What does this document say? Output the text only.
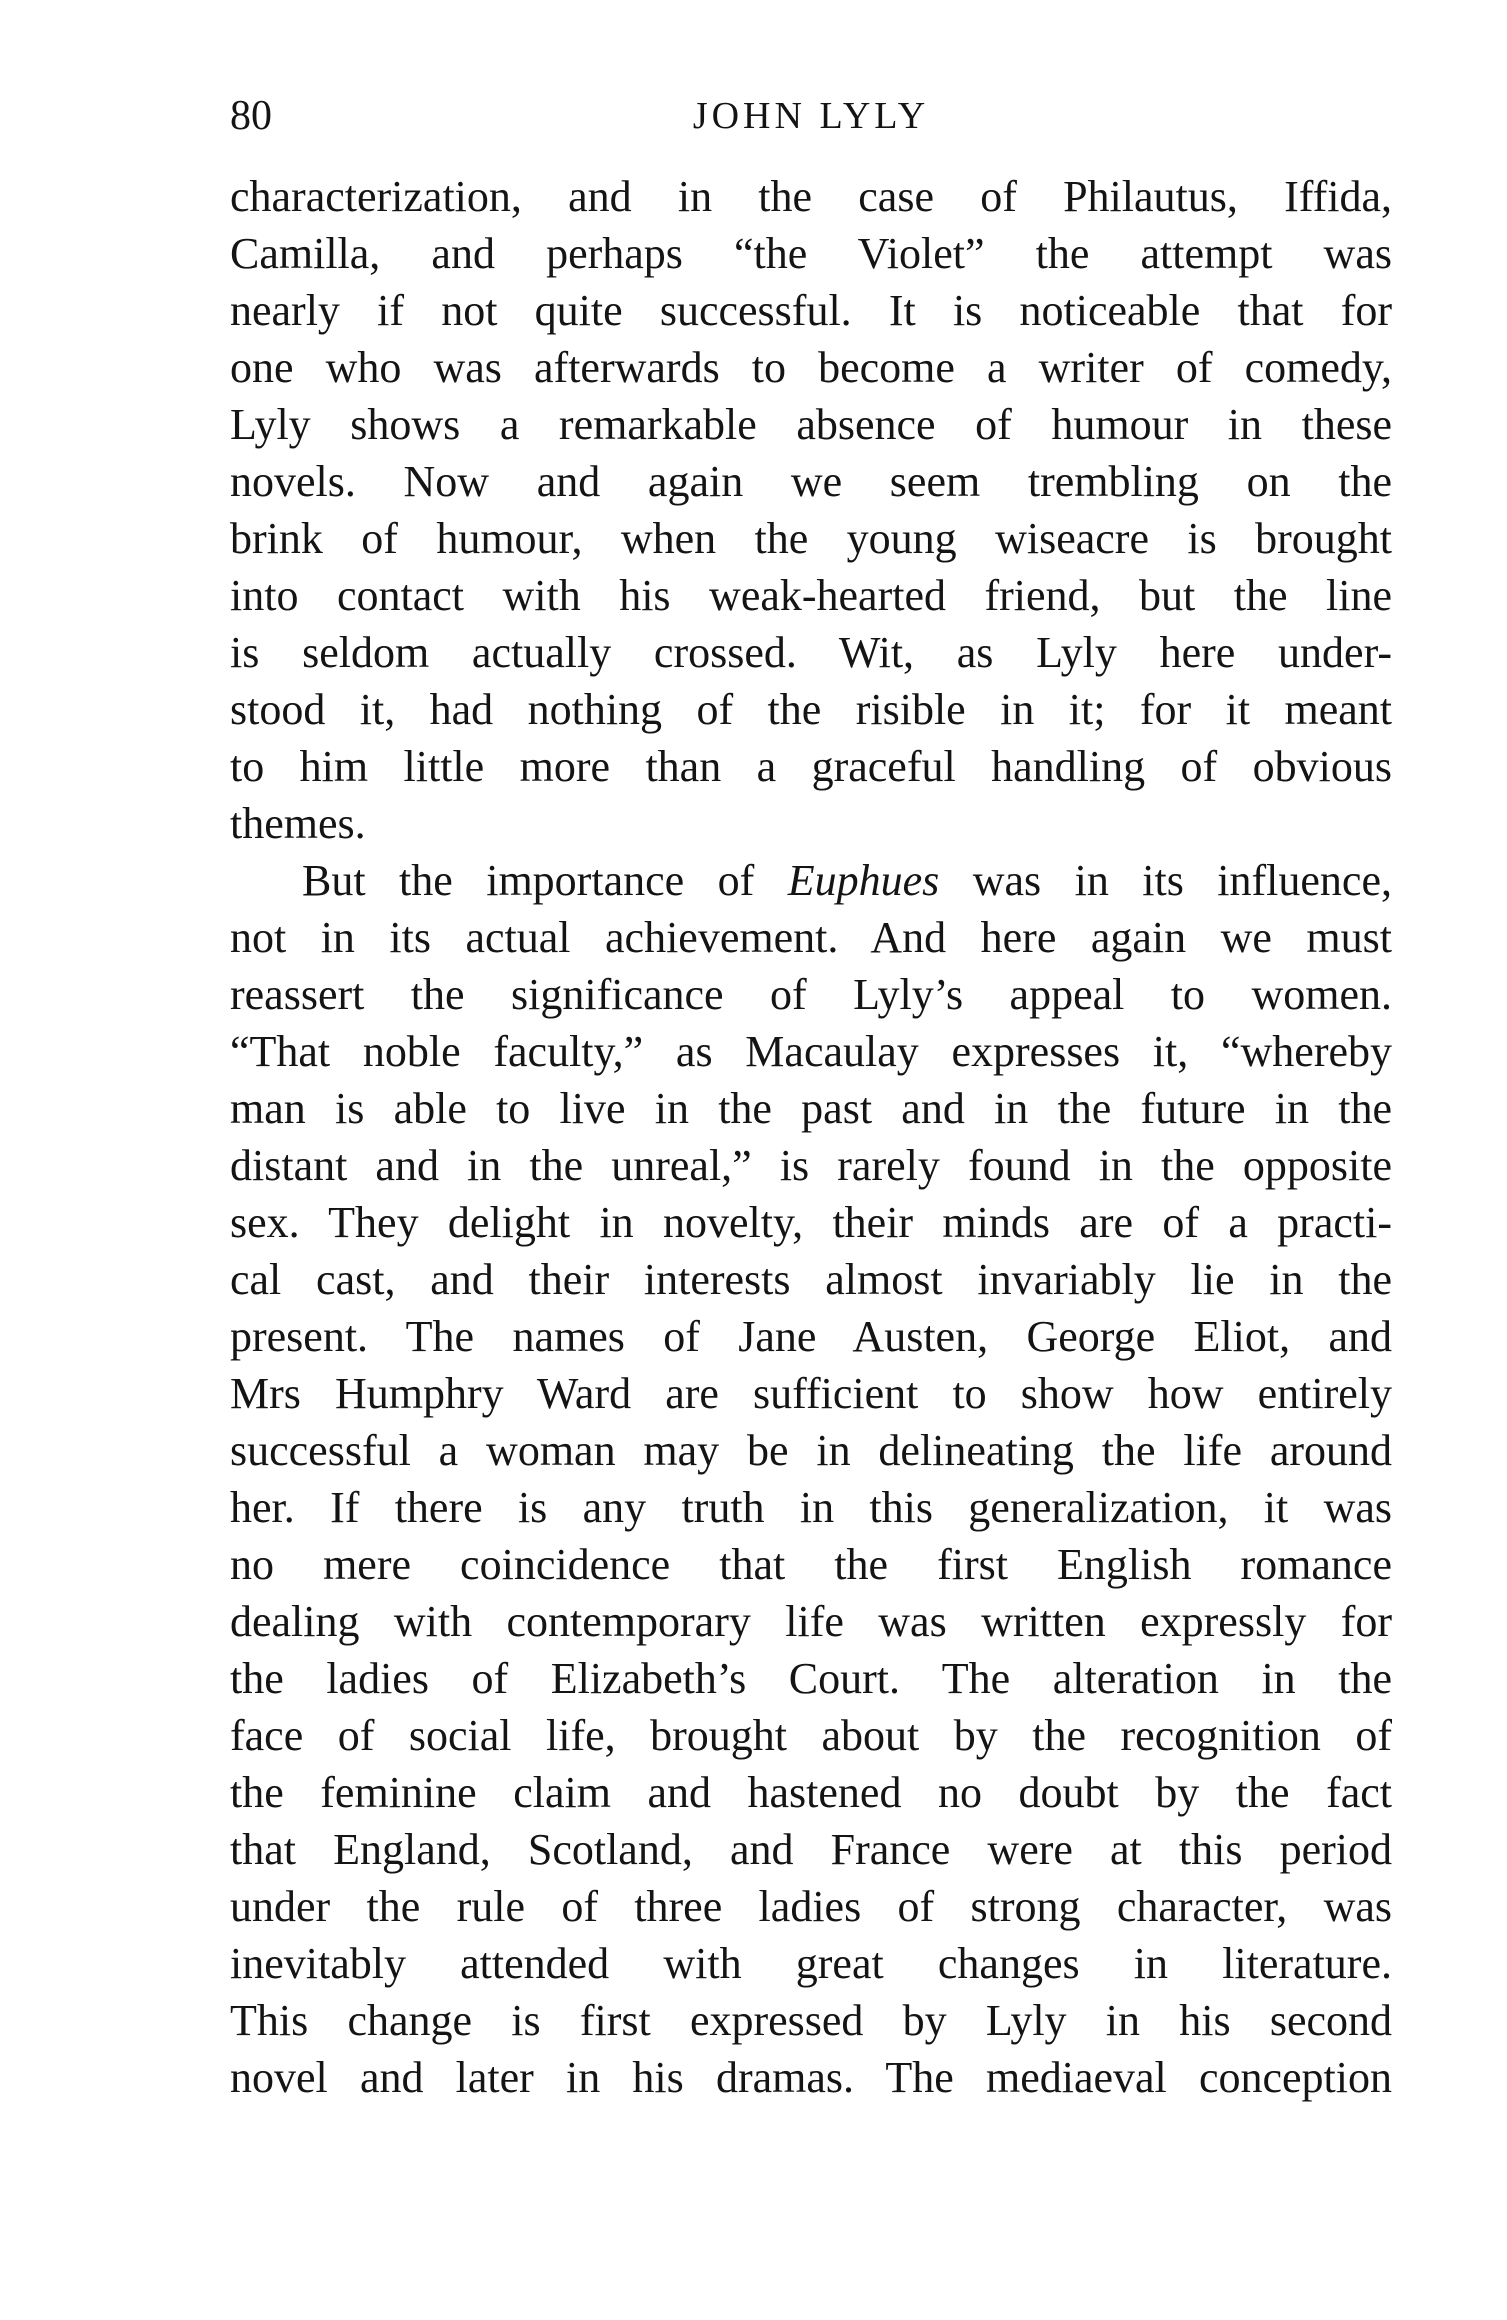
80	JOHN LYLY
characterization, and in the case of Philautus, Iffida,
Camilla, and perhaps “the Violet” the attempt was
nearly if not quite successful. It is noticeable that for
one who was afterwards to become a writer of comedy,
Lyly shows a remarkable absence of humour in these
novels. Now and again we seem trembling on the
brink of humour, when the young wiseacre is brought
into contact with his weak-hearted friend, but the line
is seldom actually crossed. Wit, as Lyly here under-
stood it, had nothing of the risible in it; for it meant
to him little more than a graceful handling of obvious
themes.
But the importance of Euphues was in its influence,
not in its actual achievement. And here again we must
reassert the significance of Lyly’s appeal to women.
“That noble faculty,” as Macaulay expresses it, “whereby
man is able to live in the past and in the future in the
distant and in the unreal,” is rarely found in the opposite
sex. They delight in novelty, their minds are of a practi-
cal cast, and their interests almost invariably lie in the
present. The names of Jane Austen, George Eliot, and
Mrs Humphry Ward are sufficient to show how entirely
successful a woman may be in delineating the life around
her. If there is any truth in this generalization, it was
no mere coincidence that the first English romance
dealing with contemporary life was written expressly for
the ladies of Elizabeth’s Court. The alteration in the
face of social life, brought about by the recognition of
the feminine claim and hastened no doubt by the fact
that England, Scotland, and France were at this period
under the rule of three ladies of strong character, was
inevitably attended with great changes in literature.
This change is first expressed by Lyly in his second
novel and later in his dramas. The mediaeval conception
